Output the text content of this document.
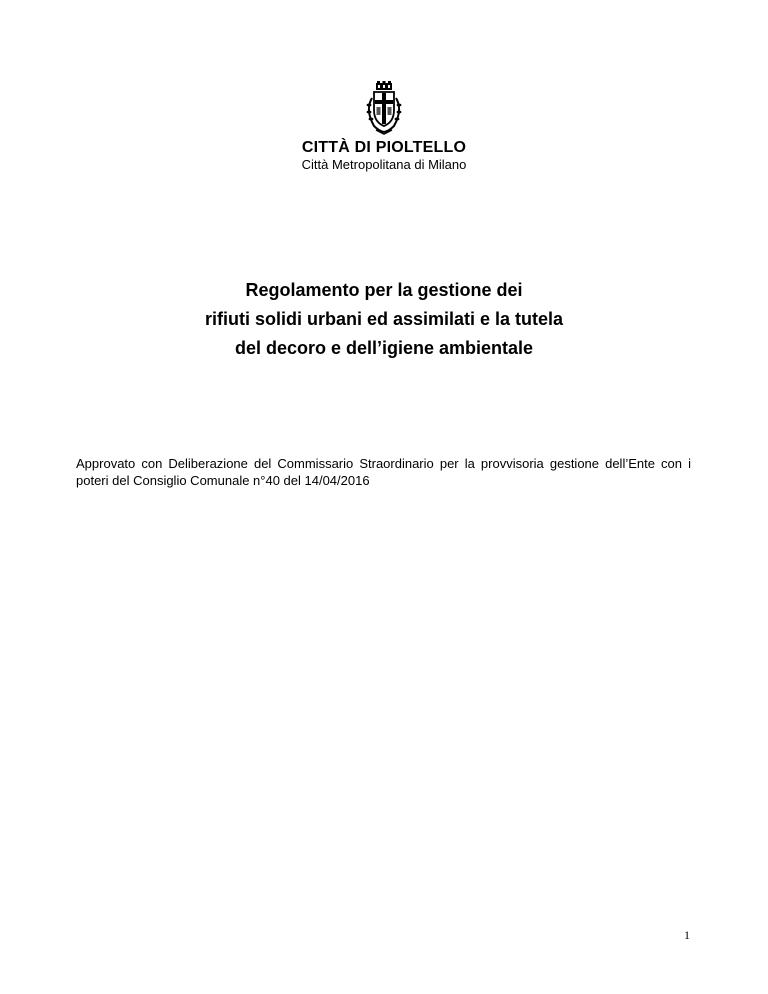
CITTÀ DI PIOLTELLO
Città Metropolitana di Milano
Regolamento per la gestione dei
rifiuti solidi urbani ed assimilati e la tutela
del decoro e dell’igiene ambientale
Approvato con Deliberazione del Commissario Straordinario per la provvisoria gestione dell’Ente con i poteri del Consiglio Comunale n°40 del 14/04/2016
1
